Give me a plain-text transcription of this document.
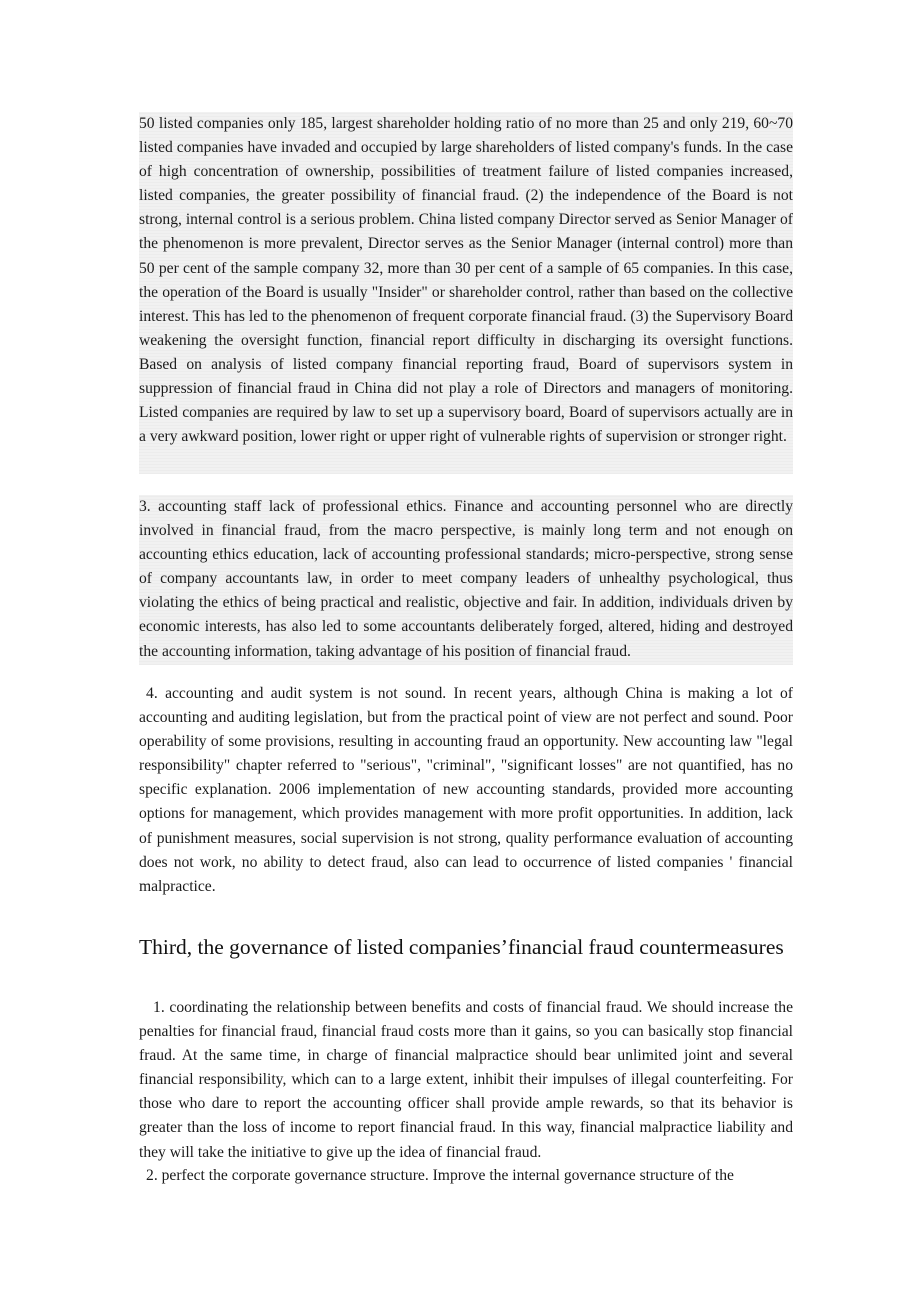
50 listed companies only 185, largest shareholder holding ratio of no more than 25 and only 219, 60~70 listed companies have invaded and occupied by large shareholders of listed company's funds. In the case of high concentration of ownership, possibilities of treatment failure of listed companies increased, listed companies, the greater possibility of financial fraud. (2) the independence of the Board is not strong, internal control is a serious problem. China listed company Director served as Senior Manager of the phenomenon is more prevalent, Director serves as the Senior Manager (internal control) more than 50 per cent of the sample company 32, more than 30 per cent of a sample of 65 companies. In this case, the operation of the Board is usually "Insider" or shareholder control, rather than based on the collective interest. This has led to the phenomenon of frequent corporate financial fraud. (3) the Supervisory Board weakening the oversight function, financial report difficulty in discharging its oversight functions. Based on analysis of listed company financial reporting fraud, Board of supervisors system in suppression of financial fraud in China did not play a role of Directors and managers of monitoring. Listed companies are required by law to set up a supervisory board, Board of supervisors actually are in a very awkward position, lower right or upper right of vulnerable rights of supervision or stronger right.

3. accounting staff lack of professional ethics. Finance and accounting personnel who are directly involved in financial fraud, from the macro perspective, is mainly long term and not enough on accounting ethics education, lack of accounting professional standards; micro-perspective, strong sense of company accountants law, in order to meet company leaders of unhealthy psychological, thus violating the ethics of being practical and realistic, objective and fair. In addition, individuals driven by economic interests, has also led to some accountants deliberately forged, altered, hiding and destroyed the accounting information, taking advantage of his position of financial fraud.

4. accounting and audit system is not sound. In recent years, although China is making a lot of accounting and auditing legislation, but from the practical point of view are not perfect and sound. Poor operability of some provisions, resulting in accounting fraud an opportunity. New accounting law "legal responsibility" chapter referred to "serious", "criminal", "significant losses" are not quantified, has no specific explanation. 2006 implementation of new accounting standards, provided more accounting options for management, which provides management with more profit opportunities. In addition, lack of punishment measures, social supervision is not strong, quality performance evaluation of accounting does not work, no ability to detect fraud, also can lead to occurrence of listed companies ' financial malpractice.

Third, the governance of listed companies’financial fraud countermeasures

1. coordinating the relationship between benefits and costs of financial fraud. We should increase the penalties for financial fraud, financial fraud costs more than it gains, so you can basically stop financial fraud. At the same time, in charge of financial malpractice should bear unlimited joint and several financial responsibility, which can to a large extent, inhibit their impulses of illegal counterfeiting. For those who dare to report the accounting officer shall provide ample rewards, so that its behavior is greater than the loss of income to report financial fraud. In this way, financial malpractice liability and they will take the initiative to give up the idea of financial fraud.

2. perfect the corporate governance structure. Improve the internal governance structure of the
